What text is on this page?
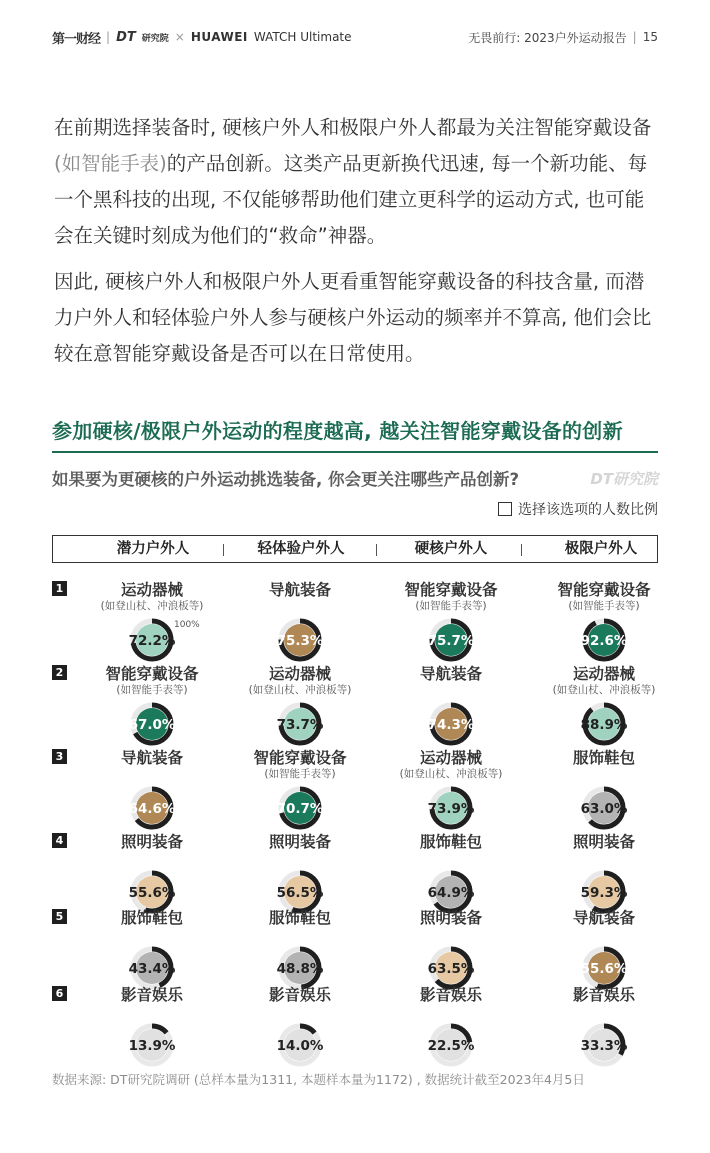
第一财经 | DT 研究院 × HUAWEI WATCH Ultimate	无畏前行: 2023户外运动报告 | 15

在前期选择装备时, 硬核户外人和极限户外人都最为关注智能穿戴设备(如智能手表)的产品创新。这类产品更新换代迅速, 每一个新功能、每一个黑科技的出现, 不仅能够帮助他们建立更科学的运动方式, 也可能会在关键时刻成为他们的“救命”神器。

因此, 硬核户外人和极限户外人更看重智能穿戴设备的科技含量, 而潜力户外人和轻体验户外人参与硬核户外运动的频率并不算高, 他们会比较在意智能穿戴设备是否可以在日常使用。

参加硬核/极限户外运动的程度越高, 越关注智能穿戴设备的创新
如果要为更硬核的户外运动挑选装备, 你会更关注哪些产品创新?	DT研究院
选择该选项的人数比例
潜力户外人	轻体验户外人	硬核户外人	极限户外人
1	运动器械
(如登山杖、冲浪板等)
72.2%
100%
导航装备
75.3%
智能穿戴设备
(如智能手表等)
75.7%
智能穿戴设备
(如智能手表等)
92.6%
2	智能穿戴设备
(如智能手表等)
67.0%
运动器械
(如登山杖、冲浪板等)
73.7%
导航装备
74.3%
运动器械
(如登山杖、冲浪板等)
88.9%
3	导航装备
64.6%
智能穿戴设备
(如智能手表等)
70.7%
运动器械
(如登山杖、冲浪板等)
73.9%
服饰鞋包
63.0%
4	照明装备
55.6%
照明装备
56.5%
服饰鞋包
64.9%
照明装备
59.3%
5	服饰鞋包
43.4%
服饰鞋包
48.8%
照明装备
63.5%
导航装备
55.6%
6	影音娱乐
13.9%
影音娱乐
14.0%
影音娱乐
22.5%
影音娱乐
33.3%
数据来源: DT研究院调研 (总样本量为1311, 本题样本量为1172) , 数据统计截至2023年4月5日
